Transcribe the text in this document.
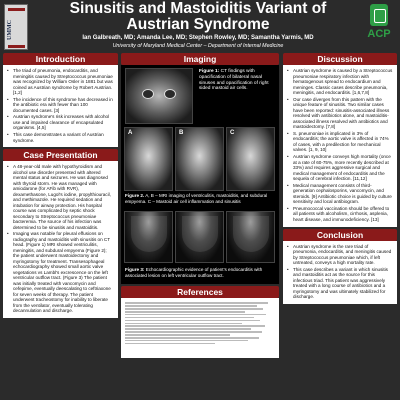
UMMC
Sinusitis and Mastoiditis Variant of
Austrian Syndrome
Ian Galbreath, MD; Amanda Lee, MD; Stephen Rowley, MD; Samantha Yarmis, MD
University of Maryland Medical Center – Department of Internal Medicine
ACP
Introduction
• The triad of pneumonia, endocarditis, and meningitis caused by Streptococcus pneumoniae was recognized by William Osler in 1881 but was coined as Austrian syndrome by Robert Austrian. [1,2]
• The incidence of this syndrome has decreased in the antibiotic era with fewer than 100 documented cases. [3]
• Austrian syndrome's risk increases with alcohol use and impaired clearance of encapsulated organisms. [4,5]
• This case demonstrates a variant of Austrian syndrome.
Case Presentation
• A 48-year-old male with hypothyroidism and alcohol use disorder presented with altered mental status and seizures. He was diagnosed with thyroid storm. He was managed with amiodarone (for AFib with RVR), dexamethasone, Lugol's iodine, propylthiouracil, and methimazole. He required sedation and intubation for airway protection. His hospital course was complicated by septic shock secondary to Streptococcus pneumoniae bacteremia. The source of his infection was determined to be sinusitis and mastoiditis.
• Imaging was notable for pleural effusions on radiography and mastoiditis with sinusitis on CT head. (Figure 1) MRI showed ventriculitis, meningitis, and subdural empyema (Figure 2); the patient underwent mastoidectomy and myringotomy for treatment. Transesophageal echocardiography showed small aortic valve vegetations vs Lambl's excrescence on the left ventricular outflow tract. (Figure 3) The patient was initially treated with vancomycin and cefepime, eventually deescalating to ceftriaxone for seven weeks of therapy. The patient underwent tracheostomy for inability to liberate from the ventilator, eventually tolerating decannulation and discharge.
Imaging
Figure 1: CT findings with opacification of bilateral nasal sinuses and opacification of right sided mastoid air cells.
A	B	C
Figure 2. A, B – MRI imaging of ventriculitis, mastoiditis, and subdural empyema. C – Mastoid air cell inflammation and sinusitis
Figure 3: Echocardiographic evidence of patient's endocarditis with associated lesion on left ventricular outflow tract.
References
Discussion
• Austrian syndrome is caused by a Streptococcus pneumoniae respiratory infection with hematogenous spread to endocardium and meninges. Classic cases describe pneumonia, meningitis, and endocarditis. [1,6,7,8]
• Our case diverges from this pattern with the unique feature of sinusitis. Two similar cases have been reported: sinusitis-associated illness resolved with antibiotics alone, and mastoiditis-associated illness resolved with antibiotics and mastoidectomy. [7,8]
• S. pneumoniae is implicated in 3% of endocarditis; the aortic valve is affected in 74% of cases, with a predilection for mechanical valves. [1, 9, 10]
• Austrian syndrome conveys high mortality (once at a rate of 60-75%, more recently described at 33%) and requires aggressive surgical and medical management of endocarditis and the sequela of cerebral infection. [11,12]
• Medical management consists of third-generation cephalosporins, vancomycin, and steroids. [9] Antibiotic choice is guided by culture sensitivity and local antibiogram.
• Pneumococcal vaccination should be offered to all patients with alcoholism, cirrhosis, asplenia, heart disease, and immunodeficiency. [13]
Conclusion
• Austrian syndrome is the rare triad of pneumonia, endocarditis, and meningitis caused by Streptococcus pneumoniae which, if left untreated, conveys a high mortality rate.
• This case describes a variant in which sinusitis and mastoiditis act as the source for this infectious triad. This patient was aggressively treated with a long course of antibiotics and a myringotomy and was ultimately stabilized for discharge.
